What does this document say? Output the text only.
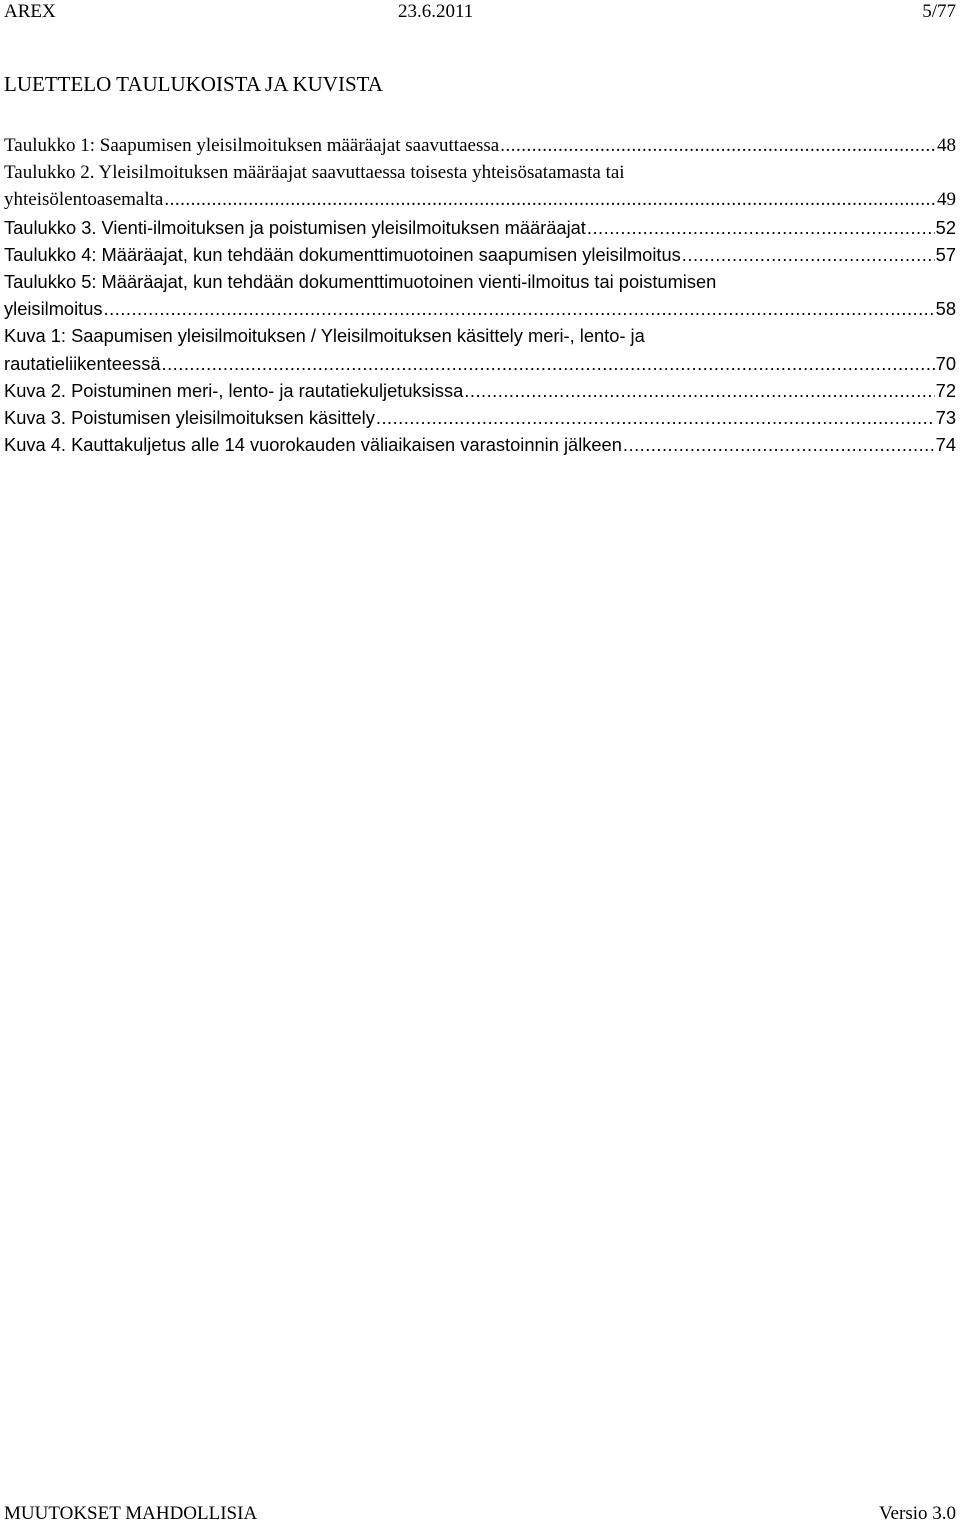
AREX	23.6.2011	5/77
LUETTELO TAULUKOISTA JA KUVISTA
Taulukko 1: Saapumisen yleisilmoituksen määräajat saavuttaessa .....	48
Taulukko 2. Yleisilmoituksen määräajat saavuttaessa toisesta yhteisösatamasta tai
yhteisölentoasemalta .....	49
Taulukko 3. Vienti-ilmoituksen ja poistumisen yleisilmoituksen määräajat .....	52
Taulukko 4: Määräajat, kun tehdään dokumenttimuotoinen saapumisen yleisilmoitus .....	57
Taulukko 5: Määräajat, kun tehdään dokumenttimuotoinen vienti-ilmoitus tai poistumisen
yleisilmoitus .....	58
Kuva 1: Saapumisen yleisilmoituksen / Yleisilmoituksen käsittely meri-, lento- ja
rautatieliikenteessä .....	70
Kuva 2. Poistuminen meri-, lento- ja rautatiekuljetuksissa .....	72
Kuva 3. Poistumisen yleisilmoituksen käsittely .....	73
Kuva 4. Kauttakuljetus alle 14 vuorokauden väliaikaisen varastoinnin jälkeen .....	74
MUUTOKSET MAHDOLLISIA	Versio 3.0
